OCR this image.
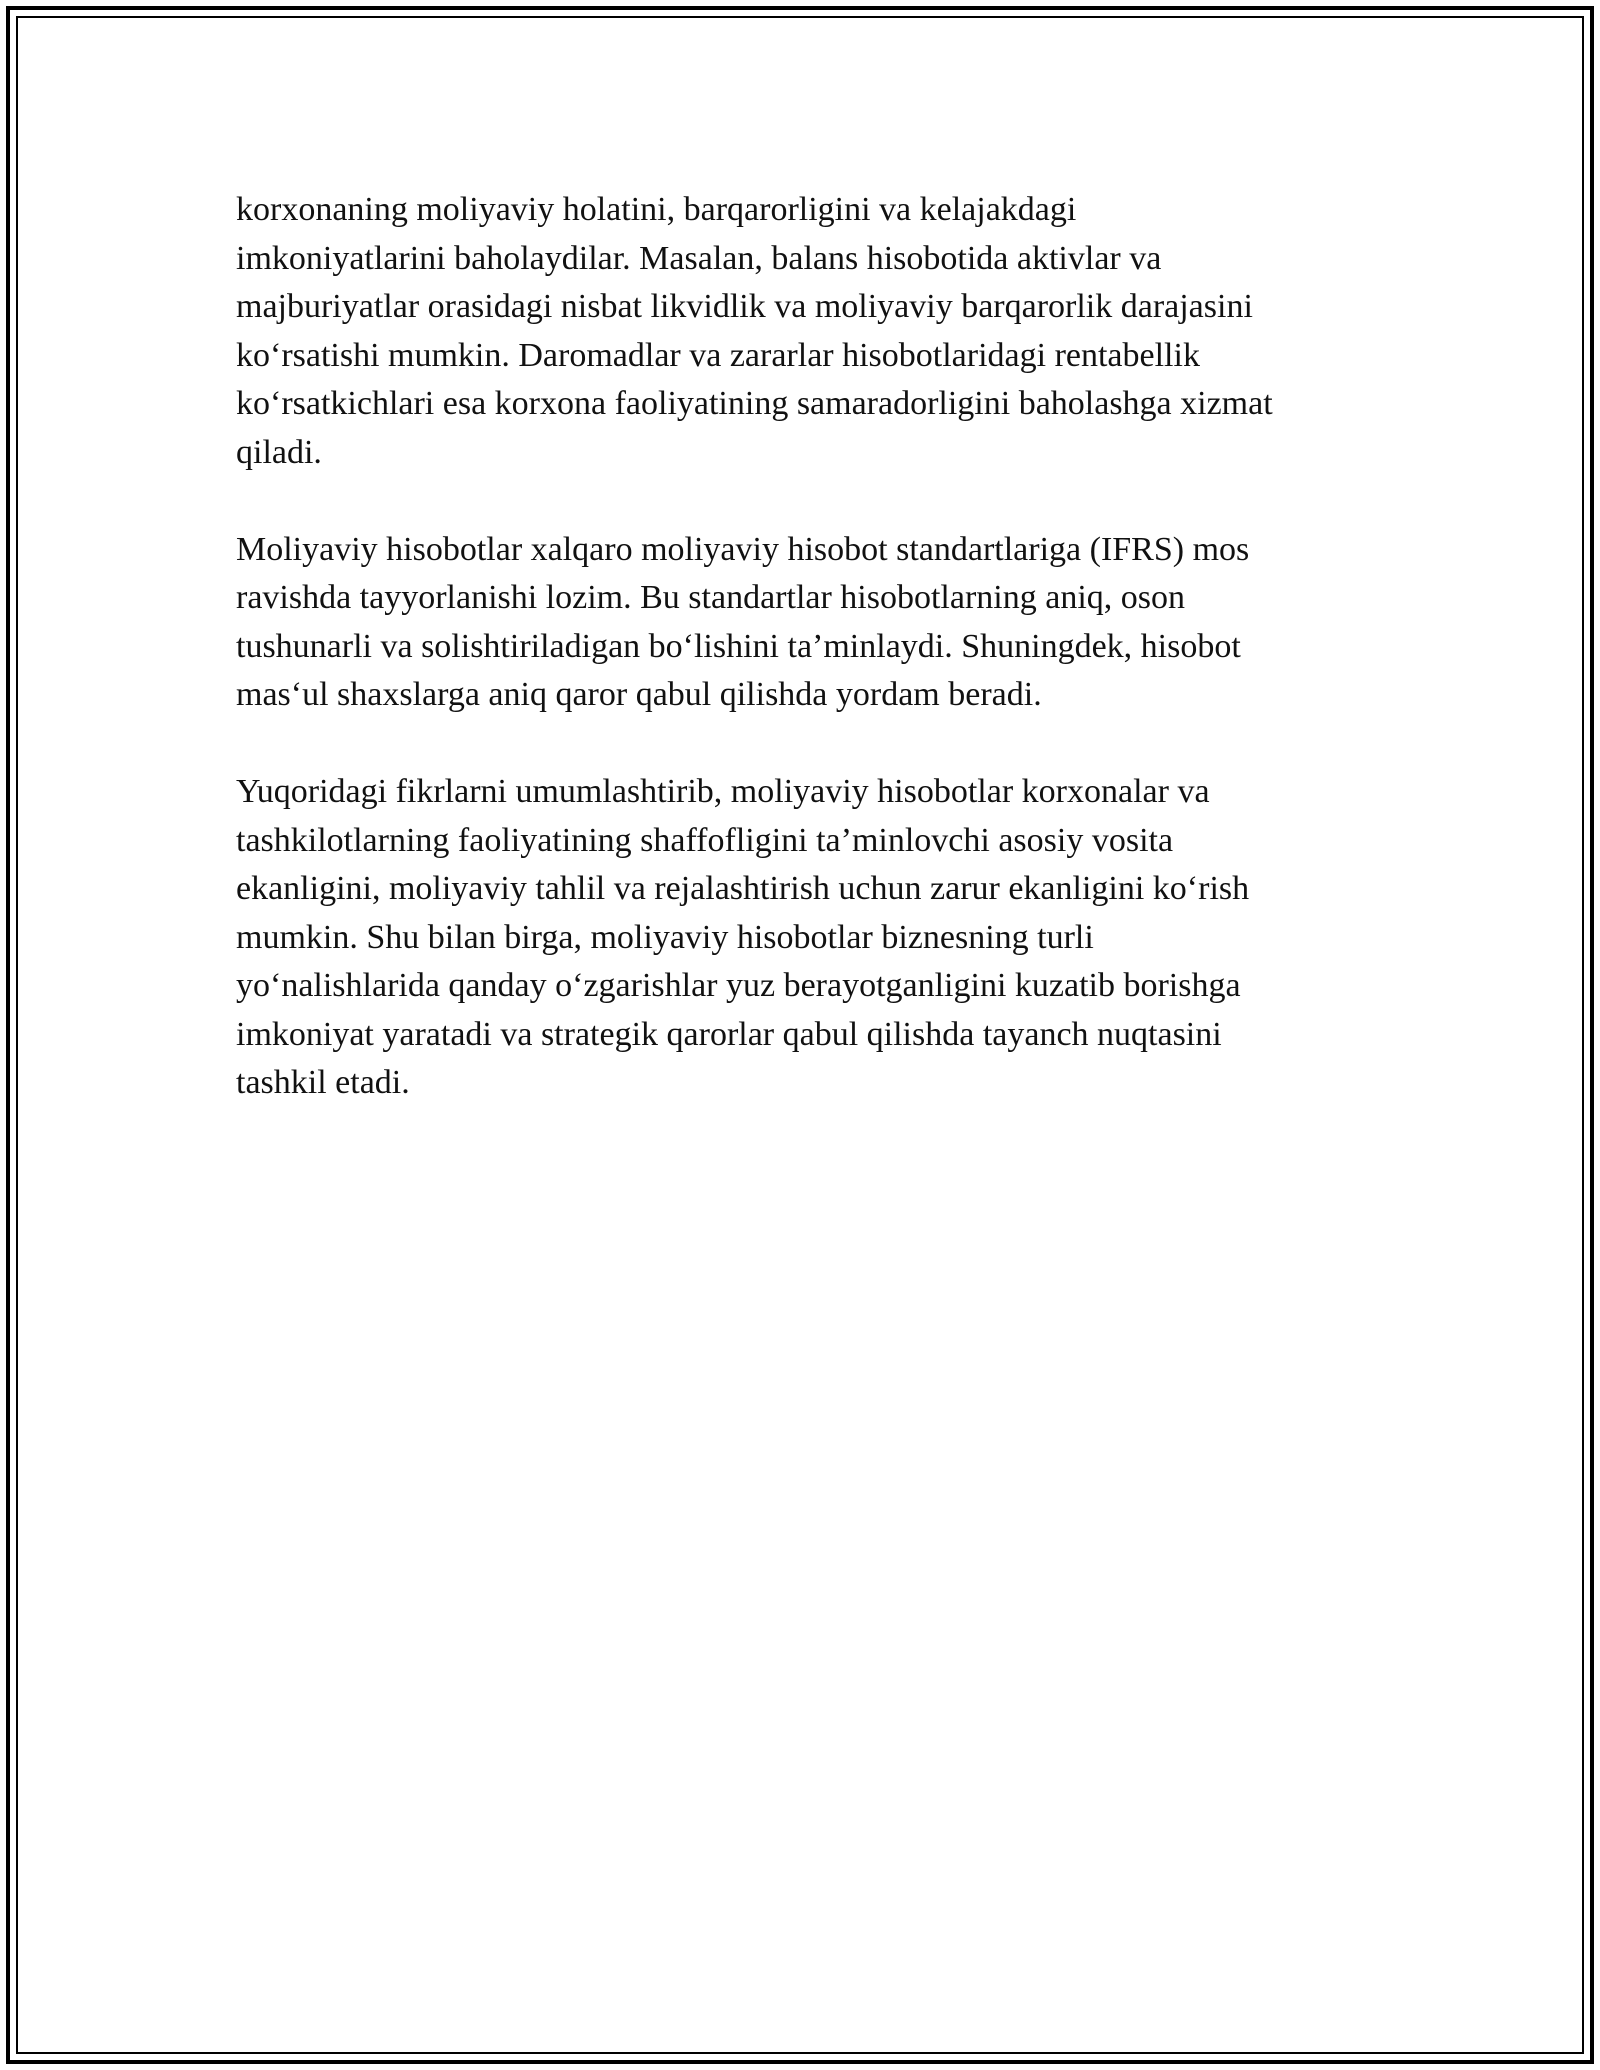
korxonaning moliyaviy holatini, barqarorligini va kelajakdagi
imkoniyatlarini baholaydilar. Masalan, balans hisobotida aktivlar va
majburiyatlar orasidagi nisbat likvidlik va moliyaviy barqarorlik darajasini
ko‘rsatishi mumkin. Daromadlar va zararlar hisobotlaridagi rentabellik
ko‘rsatkichlari esa korxona faoliyatining samaradorligini baholashga xizmat
qiladi.

Moliyaviy hisobotlar xalqaro moliyaviy hisobot standartlariga (IFRS) mos
ravishda tayyorlanishi lozim. Bu standartlar hisobotlarning aniq, oson
tushunarli va solishtiriladigan bo‘lishini ta’minlaydi. Shuningdek, hisobot
mas‘ul shaxslarga aniq qaror qabul qilishda yordam beradi.

Yuqoridagi fikrlarni umumlashtirib, moliyaviy hisobotlar korxonalar va
tashkilotlarning faoliyatining shaffofligini ta’minlovchi asosiy vosita
ekanligini, moliyaviy tahlil va rejalashtirish uchun zarur ekanligini ko‘rish
mumkin. Shu bilan birga, moliyaviy hisobotlar biznesning turli
yo‘nalishlarida qanday o‘zgarishlar yuz berayotganligini kuzatib borishga
imkoniyat yaratadi va strategik qarorlar qabul qilishda tayanch nuqtasini
tashkil etadi.
